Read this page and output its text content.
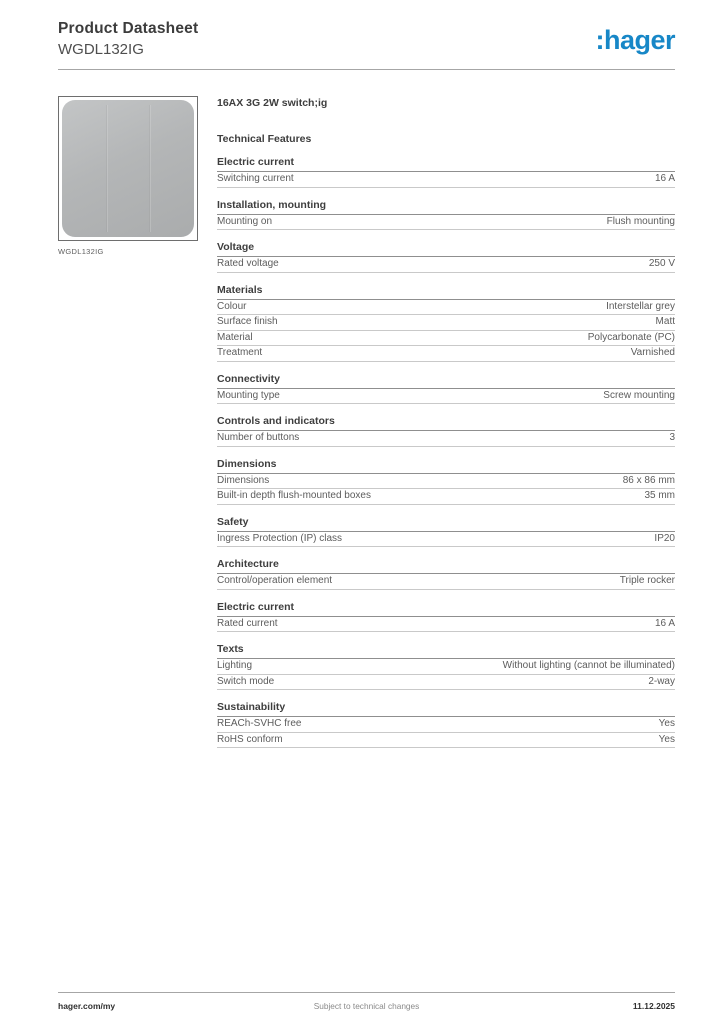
Product Datasheet
WGDL132IG	:hager
WGDL132IG
16AX 3G 2W switch;ig
Technical Features
Electric current
Switching current	16 A
Installation, mounting
Mounting on	Flush mounting
Voltage
Rated voltage	250 V
Materials
Colour	Interstellar grey
Surface finish	Matt
Material	Polycarbonate (PC)
Treatment	Varnished
Connectivity
Mounting type	Screw mounting
Controls and indicators
Number of buttons	3
Dimensions
Dimensions	86 x 86 mm
Built-in depth flush-mounted boxes	35 mm
Safety
Ingress Protection (IP) class	IP20
Architecture
Control/operation element	Triple rocker
Electric current
Rated current	16 A
Texts
Lighting	Without lighting (cannot be illuminated)
Switch mode	2-way
Sustainability
REACh-SVHC free	Yes
RoHS conform	Yes
hager.com/my	Subject to technical changes	11.12.2025
